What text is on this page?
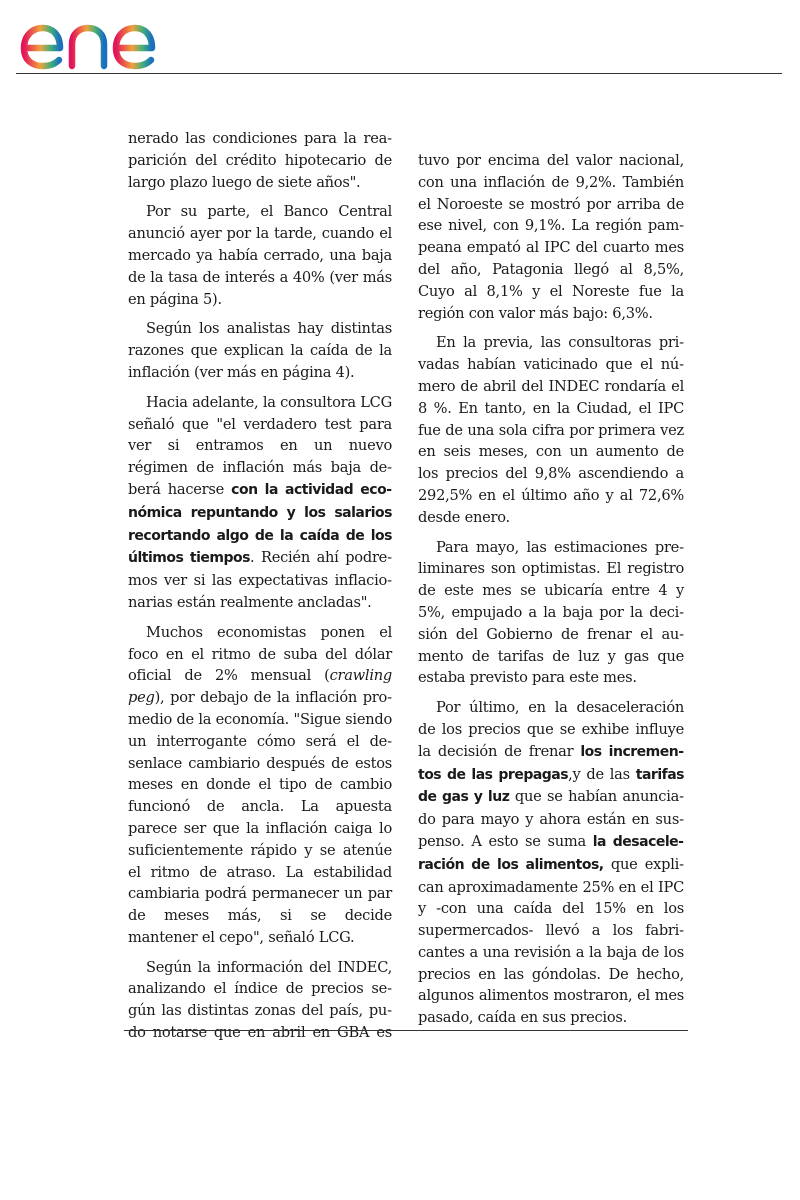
nerado las condiciones para la reaparición del crédito hipotecario de largo plazo luego de siete años".

Por su parte, el Banco Central anunció ayer por la tarde, cuando el mercado ya había cerrado, una baja de la tasa de interés a 40% (ver más en página 5).

Según los analistas hay distintas razones que explican la caída de la inflación (ver más en página 4).

Hacia adelante, la consultora LCG señaló que "el verdadero test para ver si entramos en un nuevo régimen de inflación más baja deberá hacerse con la actividad económica repuntando y los salarios recortando algo de la caída de los últimos tiempos. Recién ahí podremos ver si las expectativas inflacionarias están realmente ancladas".

Muchos economistas ponen el foco en el ritmo de suba del dólar oficial de 2% mensual (crawling peg), por debajo de la inflación promedio de la economía. "Sigue siendo un interrogante cómo será el desenlace cambiario después de estos meses en donde el tipo de cambio funcionó de ancla. La apuesta parece ser que la inflación caiga lo suficientemente rápido y se atenúe el ritmo de atraso. La estabilidad cambiaria podrá permanecer un par de meses más, si se decide mantener el cepo", señaló LCG.

Según la información del INDEC, analizando el índice de precios según las distintas zonas del país, pudo notarse que en abril en GBA es

tuvo por encima del valor nacional, con una inflación de 9,2%. También el Noroeste se mostró por arriba de ese nivel, con 9,1%. La región pampeana empató al IPC del cuarto mes del año, Patagonia llegó al 8,5%, Cuyo al 8,1% y el Noreste fue la región con valor más bajo: 6,3%.

En la previa, las consultoras privadas habían vaticinado que el número de abril del INDEC rondaría el 8 %. En tanto, en la Ciudad, el IPC fue de una sola cifra por primera vez en seis meses, con un aumento de los precios del 9,8% ascendiendo a 292,5% en el último año y al 72,6% desde enero.

Para mayo, las estimaciones preliminares son optimistas. El registro de este mes se ubicaría entre 4 y 5%, empujado a la baja por la decisión del Gobierno de frenar el aumento de tarifas de luz y gas que estaba previsto para este mes.

Por último, en la desaceleración de los precios que se exhibe influye la decisión de frenar los incrementos de las prepagas,y de las tarifas de gas y luz que se habían anunciado para mayo y ahora están en suspenso. A esto se suma la desaceleración de los alimentos, que explican aproximadamente 25% en el IPC y -con una caída del 15% en los supermercados- llevó a los fabricantes a una revisión a la baja de los precios en las góndolas. De hecho, algunos alimentos mostraron, el mes pasado, caída en sus precios.
